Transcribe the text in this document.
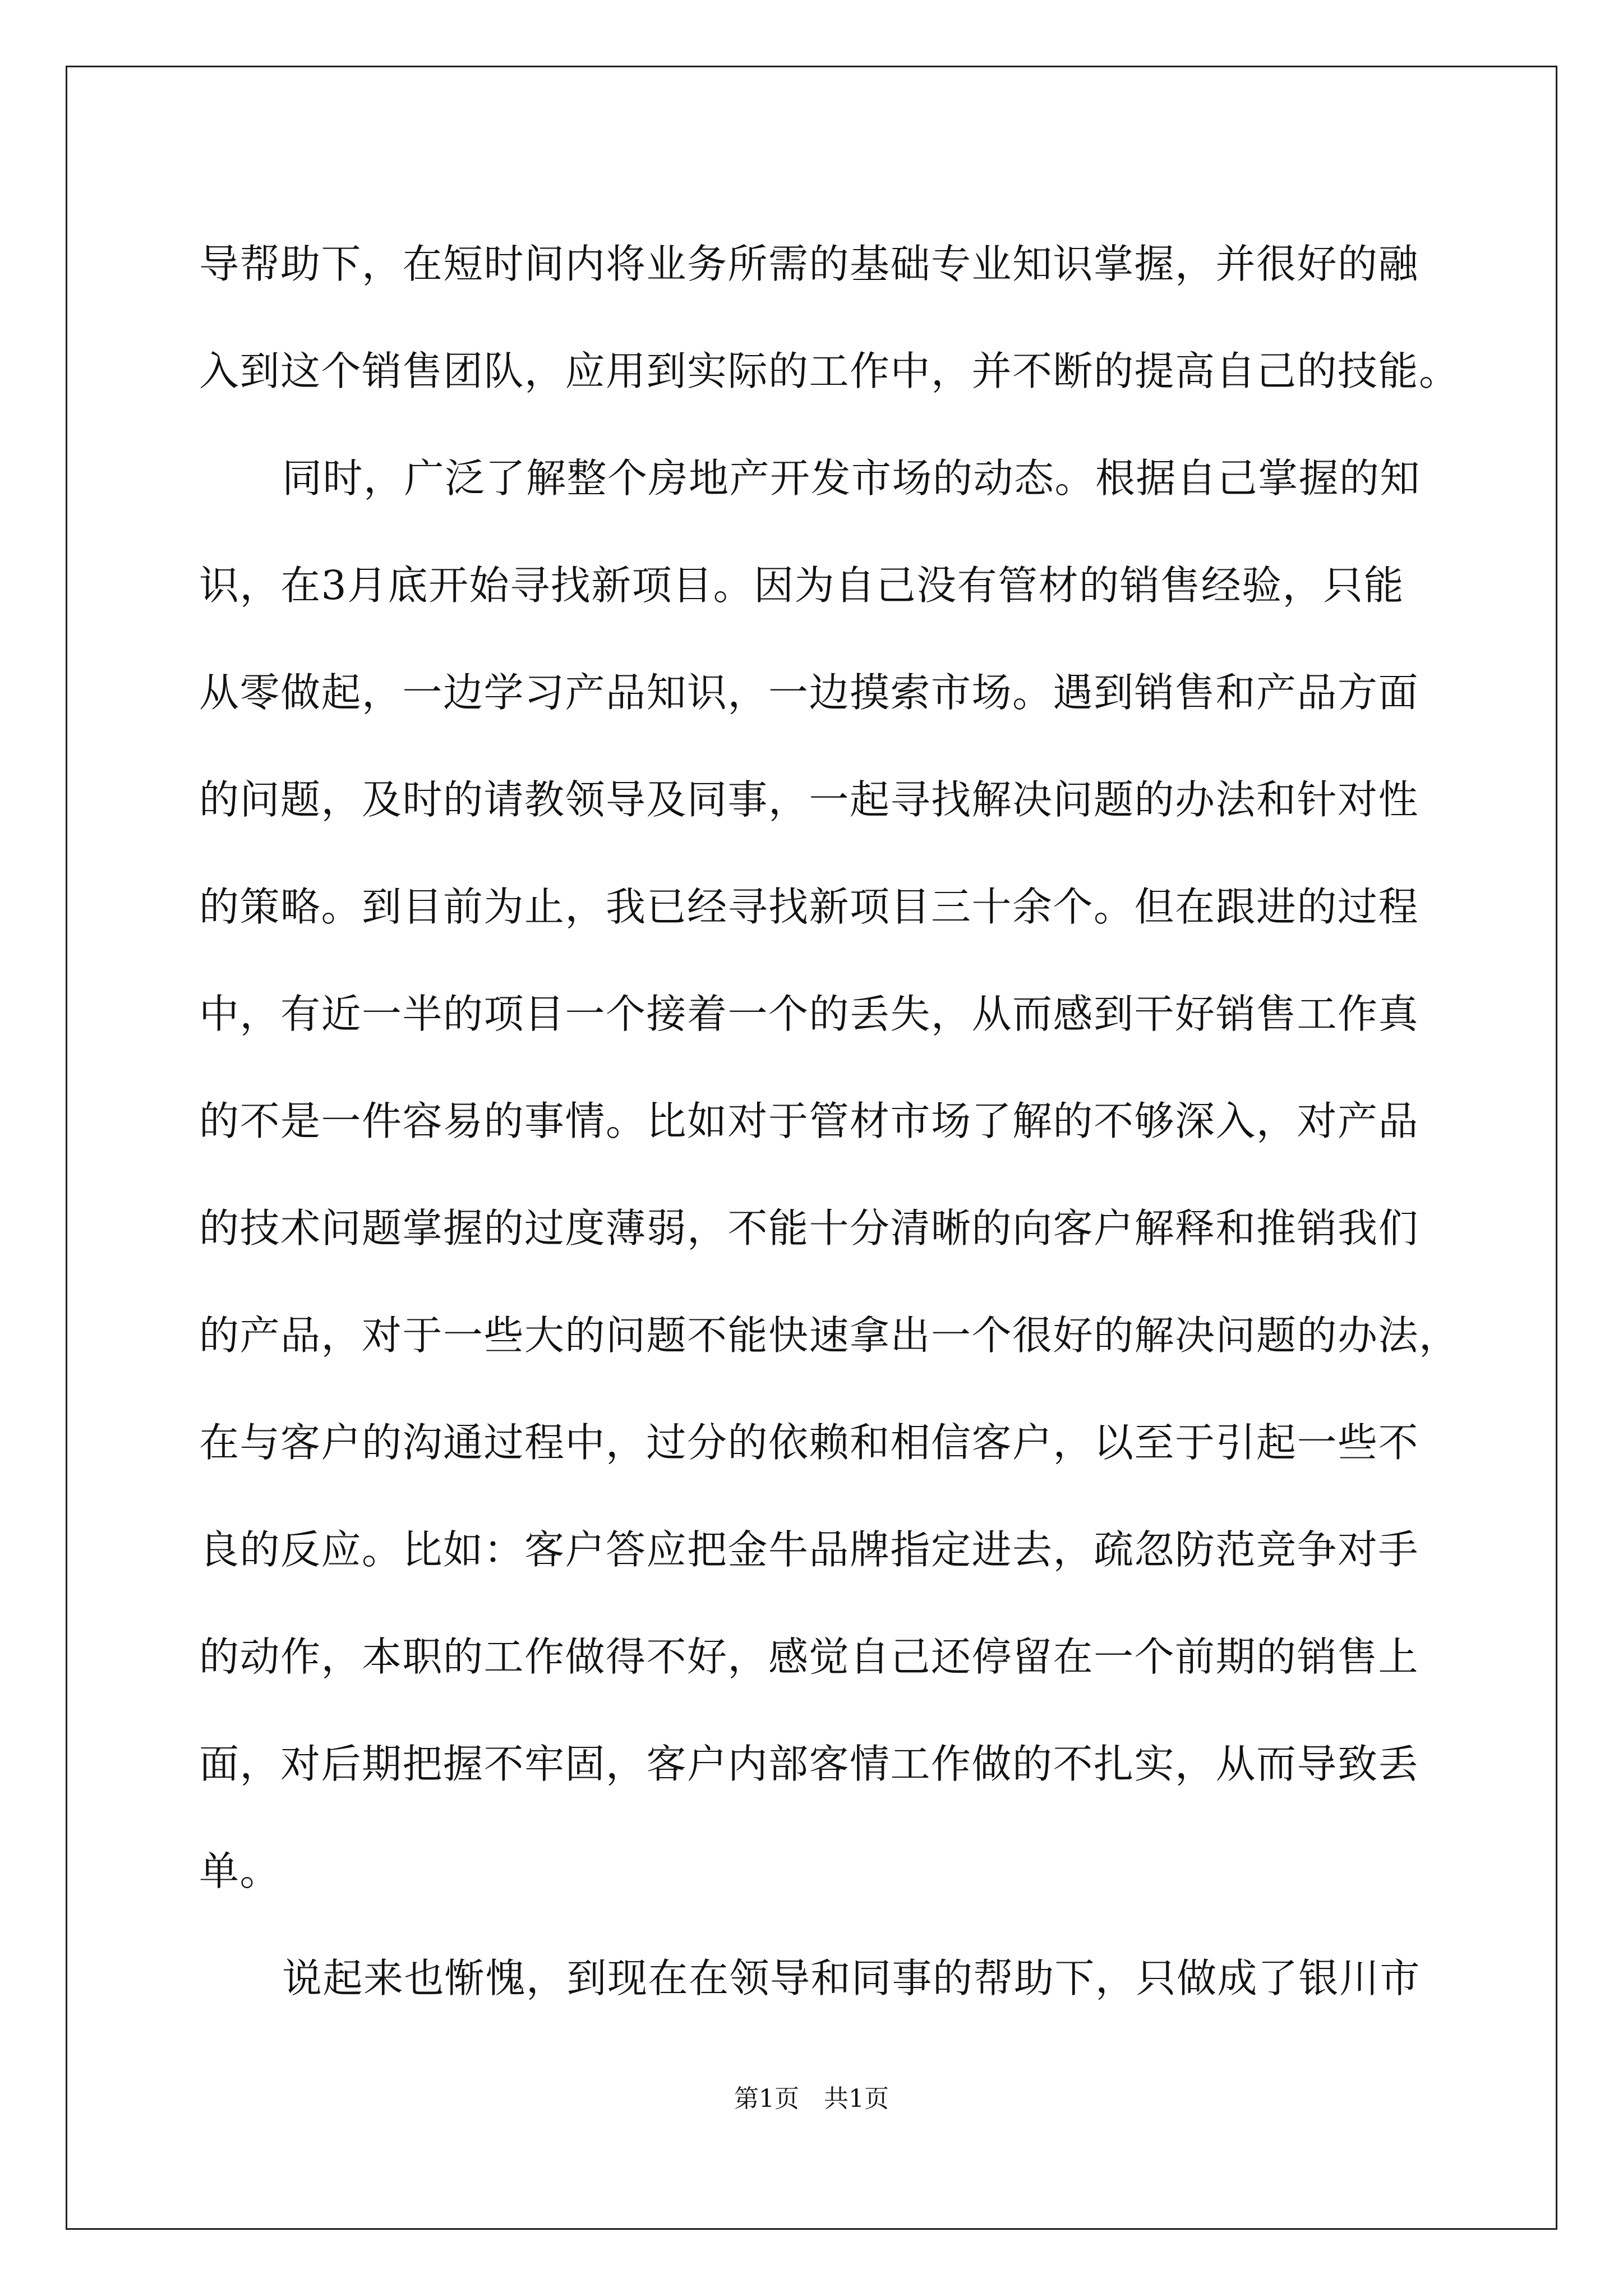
导帮助下，在短时间内将业务所需的基础专业知识掌握，并很好的融
入到这个销售团队，应用到实际的工作中，并不断的提高自己的技能。
同时，广泛了解整个房地产开发市场的动态。根据自己掌握的知
识，在3月底开始寻找新项目。因为自己没有管材的销售经验，只能
从零做起，一边学习产品知识，一边摸索市场。遇到销售和产品方面
的问题，及时的请教领导及同事，一起寻找解决问题的办法和针对性
的策略。到目前为止，我已经寻找新项目三十余个。但在跟进的过程
中，有近一半的项目一个接着一个的丢失，从而感到干好销售工作真
的不是一件容易的事情。比如对于管材市场了解的不够深入，对产品
的技术问题掌握的过度薄弱，不能十分清晰的向客户解释和推销我们
的产品，对于一些大的问题不能快速拿出一个很好的解决问题的办法，
在与客户的沟通过程中，过分的依赖和相信客户，以至于引起一些不
良的反应。比如：客户答应把金牛品牌指定进去，疏忽防范竞争对手
的动作，本职的工作做得不好，感觉自己还停留在一个前期的销售上
面，对后期把握不牢固，客户内部客情工作做的不扎实，从而导致丢
单。
说起来也惭愧，到现在在领导和同事的帮助下，只做成了银川市
第1页　共1页
